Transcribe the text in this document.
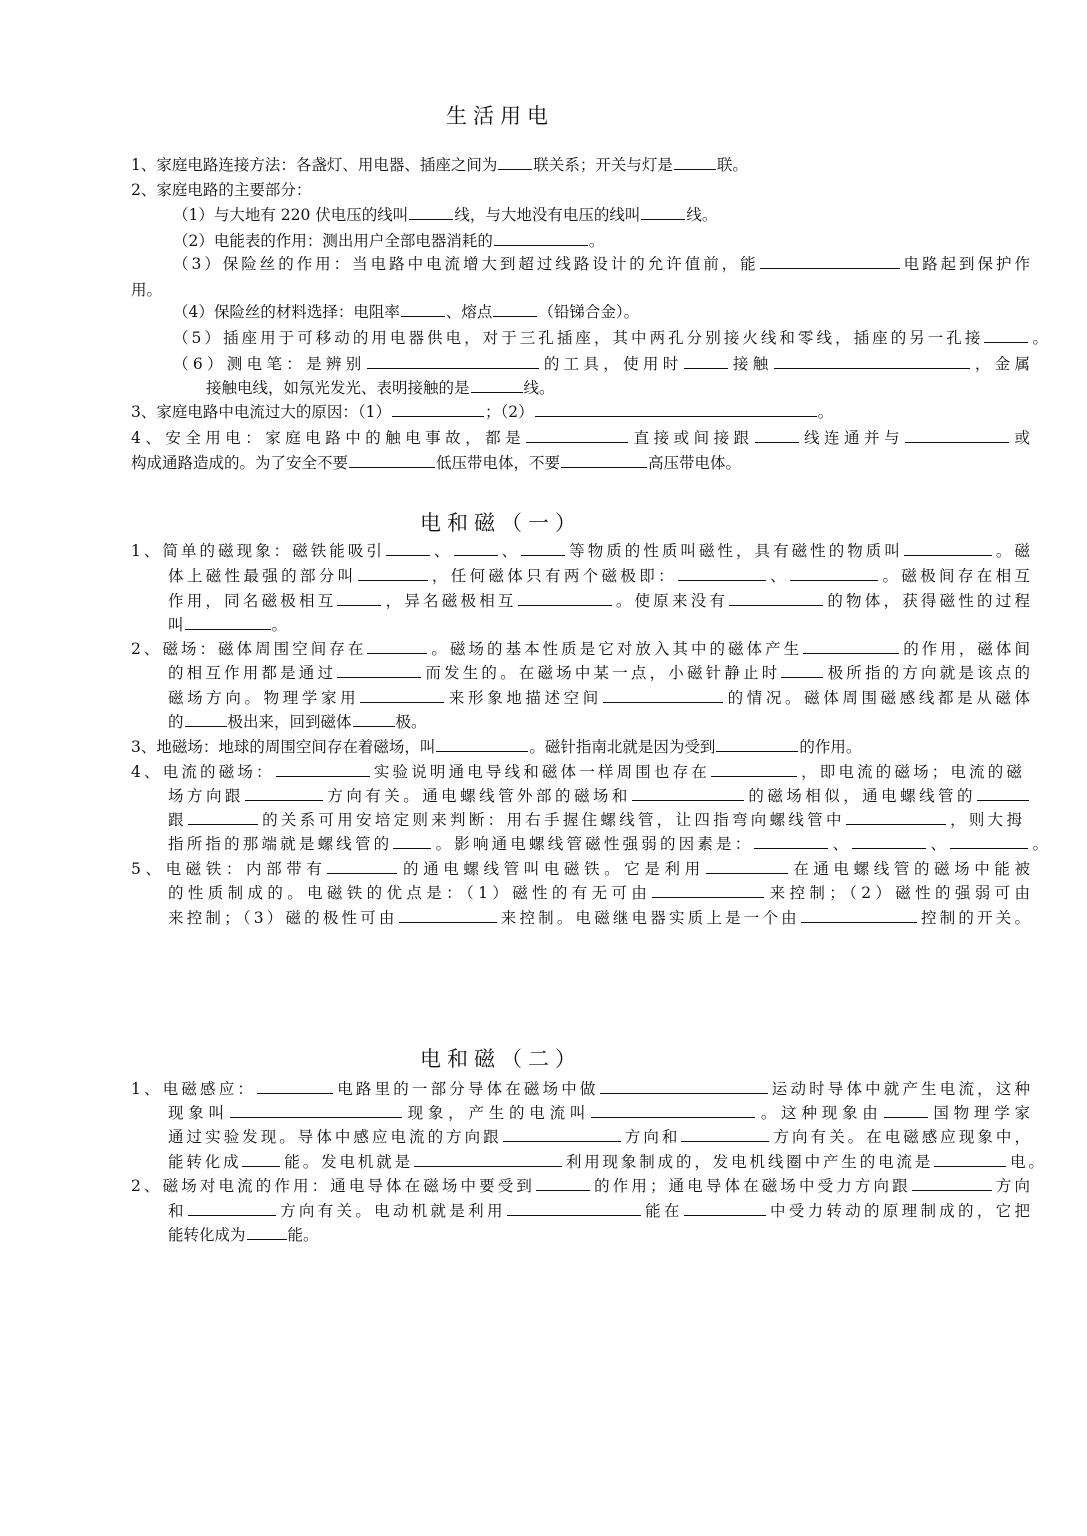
生活用电
1、家庭电路连接方法：各盏灯、用电器、插座之间为 联关系；开关与灯是	联。
2、家庭电路的主要部分：
（1）与大地有 220 伏电压的线叫	线，与大地没有电压的线叫	线。
（2）电能表的作用：测出用户全部电器消耗的	。
（3）保险丝的作用：当电路中电流增大到超过线路设计的允许值前，能	电路起到保护作
用。
（4）保险丝的材料选择：电阻率	、熔点	（铅锑合金）。
（5）插座用于可移动的用电器供电，对于三孔插座，其中两孔分别接火线和零线，插座的另一孔接	。
（6）测电笔：是辨别	的工具，使用时	接触	，金属
接触电线，如氖光发光、表明接触的是	线。
3、家庭电路中电流过大的原因：（1）	；（2）	。
4、安全用电：家庭电路中的触电事故，都是	直接或间接跟	线连通并与	或
构成通路造成的。为了安全不要	低压带电体，不要	高压带电体。
电和磁（一）
1、简单的磁现象：磁铁能吸引	、	、	等物质的性质叫磁性，具有磁性的物质叫	。磁
体上磁性最强的部分叫	，任何磁体只有两个磁极即：	、	。磁极间存在相互
作用，同名磁极相互	，异名磁极相互	。使原来没有	的物体，获得磁性的过程
叫	。
2、磁场：磁体周围空间存在	。磁场的基本性质是它对放入其中的磁体产生	的作用，磁体间
的相互作用都是通过	而发生的。在磁场中某一点，小磁针静止时	极所指的方向就是该点的
磁场方向。物理学家用	来形象地描述空间	的情况。磁体周围磁感线都是从磁体
的	极出来，回到磁体	极。
3、地磁场：地球的周围空间存在着磁场，叫	。磁针指南北就是因为受到	的作用。
4、电流的磁场：	实验说明通电导线和磁体一样周围也存在	，即电流的磁场；电流的磁
场方向跟	方向有关。通电螺线管外部的磁场和	的磁场相似，通电螺线管的
跟	的关系可用安培定则来判断：用右手握住螺线管，让四指弯向螺线管中	，则大拇
指所指的那端就是螺线管的	。影响通电螺线管磁性强弱的因素是：	、	、	。
5、电磁铁：内部带有	的通电螺线管叫电磁铁。它是利用	在通电螺线管的磁场中能被
的性质制成的。电磁铁的优点是：（1）磁性的有无可由	来控制；（2）磁性的强弱可由
来控制；（3）磁的极性可由	来控制。电磁继电器实质上是一个由	控制的开关。
电和磁（二）
1、电磁感应：	电路里的一部分导体在磁场中做	运动时导体中就产生电流，这种
现象叫	现象，产生的电流叫	。这种现象由	国物理学家
通过实验发现。导体中感应电流的方向跟	方向和	方向有关。在电磁感应现象中，
能转化成	能。发电机就是	利用现象制成的，发电机线圈中产生的电流是	电。
2、磁场对电流的作用：通电导体在磁场中要受到	的作用；通电导体在磁场中受力方向跟	方向
和	方向有关。电动机就是利用	能在	中受力转动的原理制成的，它把
能转化成为	能。
